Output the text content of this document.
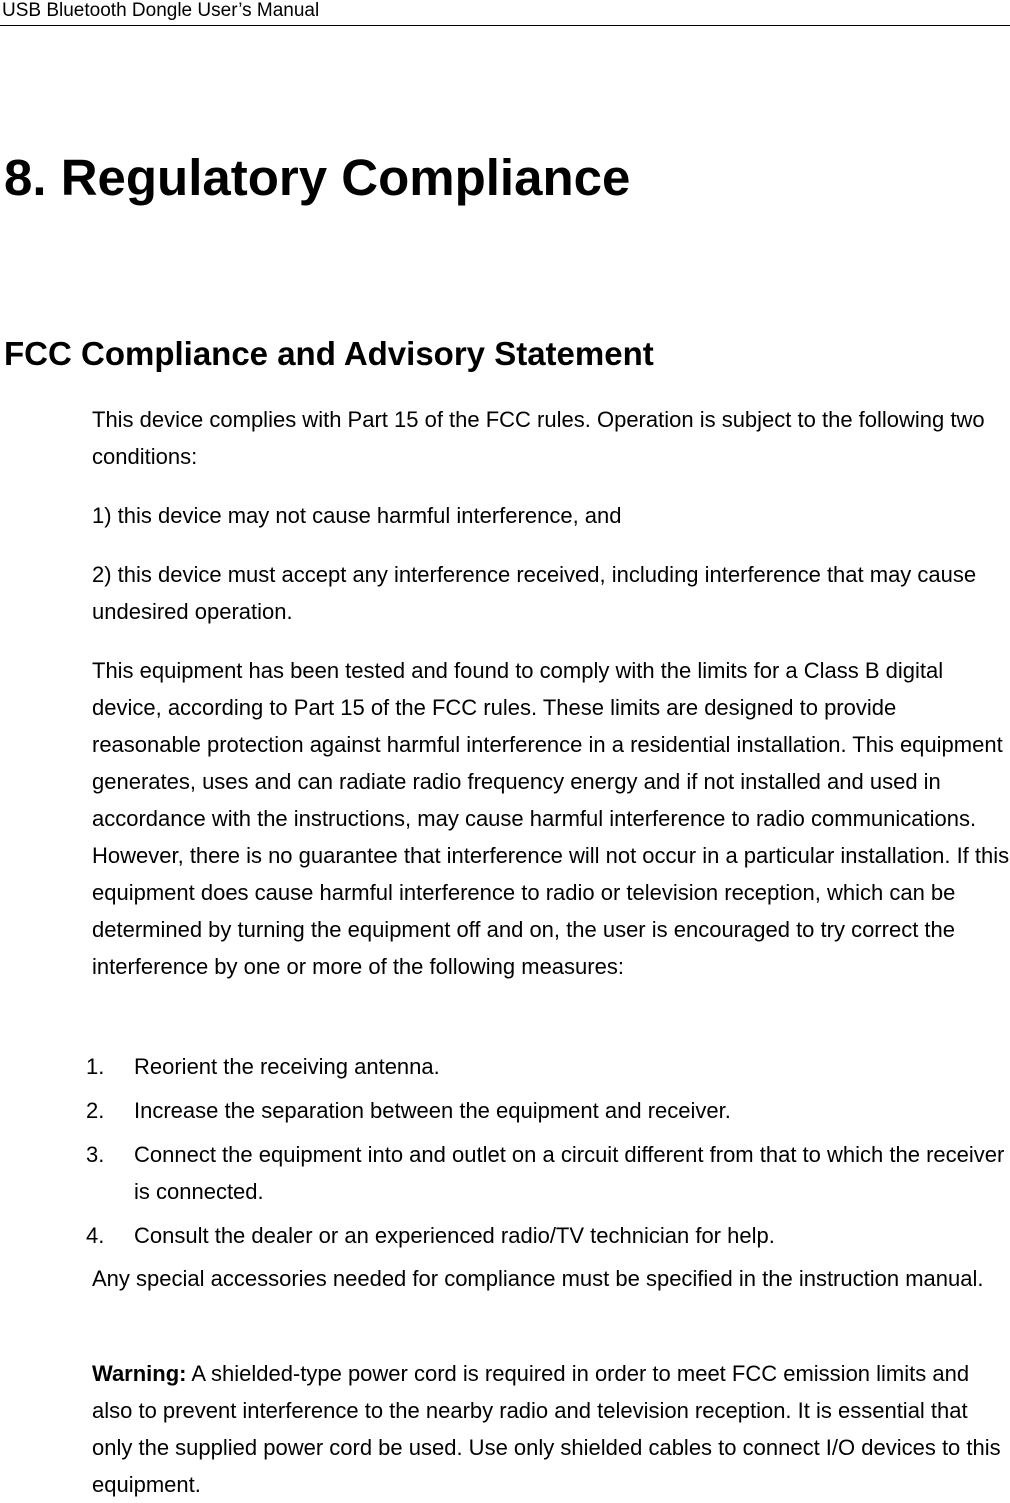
USB Bluetooth Dongle User’s Manual
8. Regulatory Compliance
FCC Compliance and Advisory Statement

This device complies with Part 15 of the FCC rules. Operation is subject to the following two conditions:

1) this device may not cause harmful interference, and

2) this device must accept any interference received, including interference that may cause undesired operation.

This equipment has been tested and found to comply with the limits for a Class B digital device, according to Part 15 of the FCC rules. These limits are designed to provide reasonable protection against harmful interference in a residential installation. This equipment generates, uses and can radiate radio frequency energy and if not installed and used in accordance with the instructions, may cause harmful interference to radio communications. However, there is no guarantee that interference will not occur in a particular installation. If this equipment does cause harmful interference to radio or television reception, which can be determined by turning the equipment off and on, the user is encouraged to try correct the interference by one or more of the following measures:

1.	Reorient the receiving antenna.
2.	Increase the separation between the equipment and receiver.
3.	Connect the equipment into and outlet on a circuit different from that to which the receiver is connected.
4.	Consult the dealer or an experienced radio/TV technician for help.

Any special accessories needed for compliance must be specified in the instruction manual.

Warning: A shielded-type power cord is required in order to meet FCC emission limits and also to prevent interference to the nearby radio and television reception. It is essential that only the supplied power cord be used. Use only shielded cables to connect I/O devices to this equipment.
